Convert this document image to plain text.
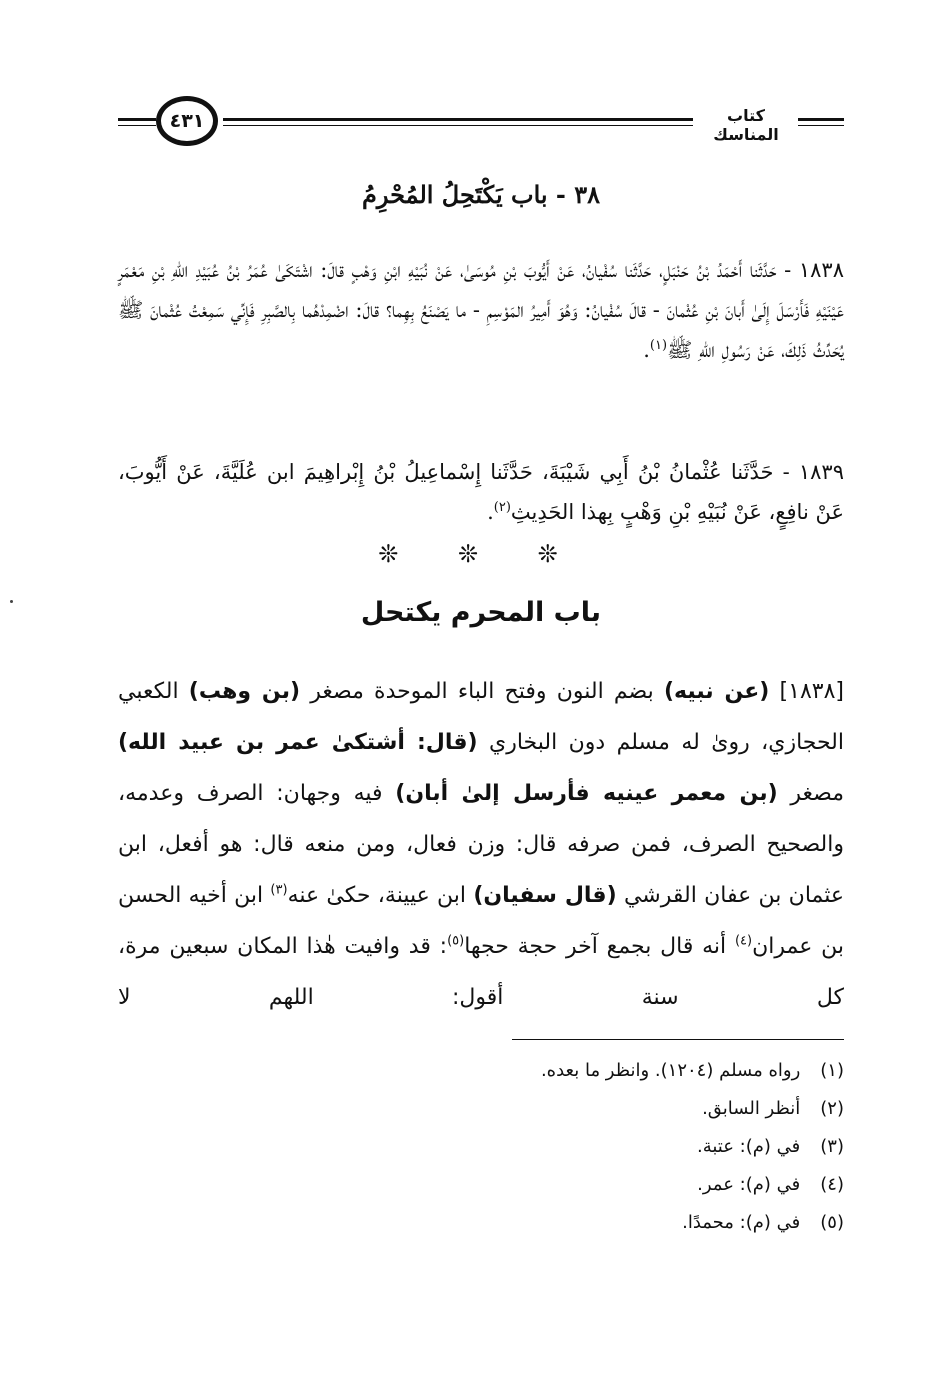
٤٣١	كتاب المناسك
٣٨ - باب يَكْتَحِلُ المُحْرِمُ
١٨٣٨ - حَدَّثَنا أَحْمَدُ بْنُ حَنْبَلٍ، حَدَّثَنا سُفْيانُ، عَنْ أَيُّوبَ بْنِ مُوسَىٰ، عَنْ نُبَيْهِ ابْنِ وَهْبٍ قالَ: اشْتَكَىٰ عُمَرُ بْنُ عُبَيْدِ اللهِ بْنِ مَعْمَرٍ عَيْنَيْهِ فَأَرْسَلَ إِلَىٰ أَبانَ بْنِ عُثْمانَ - قالَ سُفْيانُ: وَهُوَ أَمِيرُ المَوْسِمِ - ما يَصْنَعُ بِهِما؟ قالَ: اضْمِدْهُما بِالصَّبِرِ فَإِنِّي سَمِعْتُ عُثْمانَ ﷺ يُحَدِّثُ ذَلِكَ، عَنْ رَسُولِ اللهِ ﷺ$^{(١)}$.
١٨٣٩ - حَدَّثَنا عُثْمانُ بْنُ أَبِي شَيْبَةَ، حَدَّثَنا إِسْماعِيلُ بْنُ إِبْراهِيمَ ابن عُلَيَّةَ، عَنْ أَيُّوبَ، عَنْ نافِعٍ، عَنْ نُبَيْهِ بْنِ وَهْبٍ بِهذا الحَدِيثِ$^{(٢)}$.
❊ ❊ ❊
باب المحرم يكتحل
[١٨٣٨] (عن نبيه) بضم النون وفتح الباء الموحدة مصغر (بن وهب) الكعبي الحجازي، روىٰ له مسلم دون البخاري (قال: أشتكىٰ عمر بن عبيد الله) مصغر (بن معمر عينيه فأرسل إلىٰ أبان) فيه وجهان: الصرف وعدمه، والصحيح الصرف، فمن صرفه قال: وزن فعال، ومن منعه قال: هو أفعل، ابن عثمان بن عفان القرشي (قال سفيان) ابن عيينة، حكىٰ عنه$^{(٣)}$ ابن أخيه الحسن بن عمران$^{(٤)}$ أنه قال بجمع آخر حجة حجها$^{(٥)}$: قد وافيت هٰذا المكان سبعين مرة، كل سنة أقول: اللهم لا
(١) رواه مسلم (١٢٠٤). وانظر ما بعده.
(٢) أنظر السابق.
(٣) في (م): عتبة.
(٤) في (م): عمر.
(٥) في (م): محمدًا.
